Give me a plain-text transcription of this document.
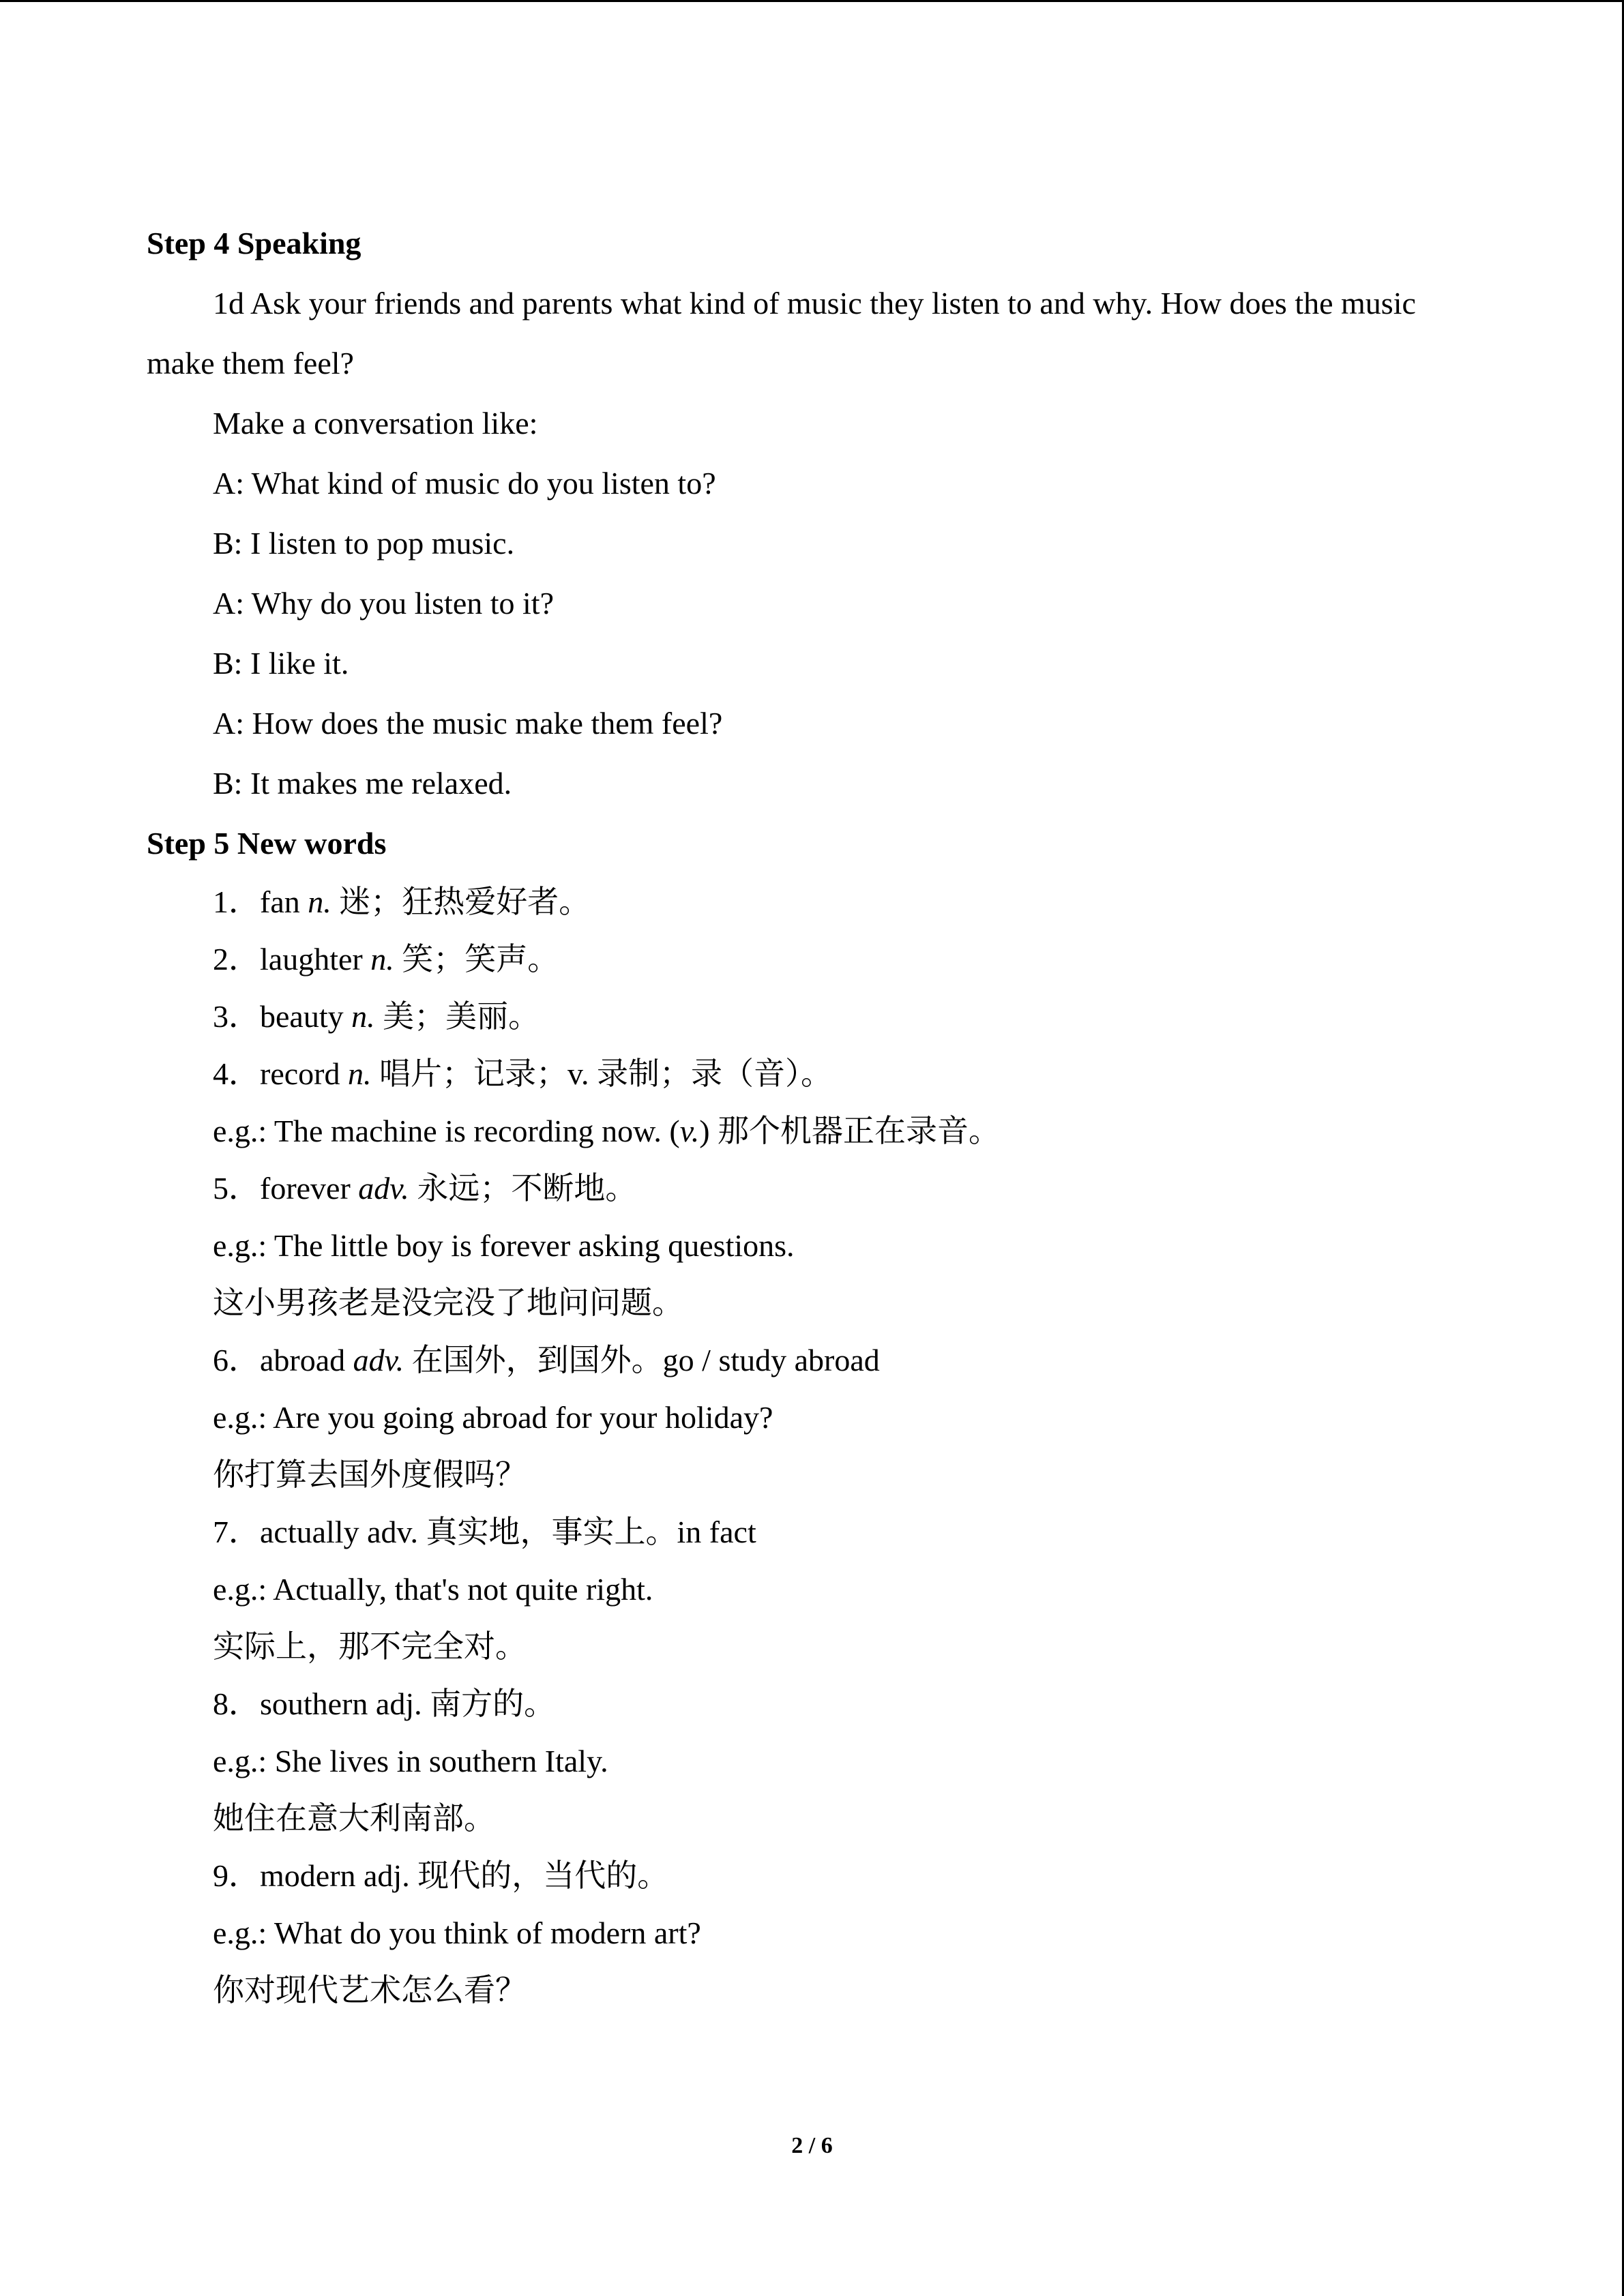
Step 4 Speaking

1d Ask your friends and parents what kind of music they listen to and why. How does the music make them feel?

Make a conversation like:

A: What kind of music do you listen to?

B: I listen to pop music.

A: Why do you listen to it?

B: I like it.

A: How does the music make them feel?

B: It makes me relaxed.

Step 5 New words

1．fan n. 迷；狂热爱好者。

2．laughter n. 笑；笑声。

3．beauty n. 美；美丽。

4．record n. 唱片；记录；v. 录制；录（音）。

e.g.: The machine is recording now. (v.) 那个机器正在录音。

5．forever adv. 永远；不断地。

e.g.: The little boy is forever asking questions.

这小男孩老是没完没了地问问题。

6．abroad adv. 在国外，到国外。go / study abroad

e.g.: Are you going abroad for your holiday?

你打算去国外度假吗？

7．actually adv. 真实地，事实上。in fact

e.g.: Actually, that's not quite right.

实际上，那不完全对。

8．southern adj. 南方的。

e.g.: She lives in southern Italy.

她住在意大利南部。

9．modern adj. 现代的，当代的。

e.g.: What do you think of modern art?

你对现代艺术怎么看？

2 / 6
